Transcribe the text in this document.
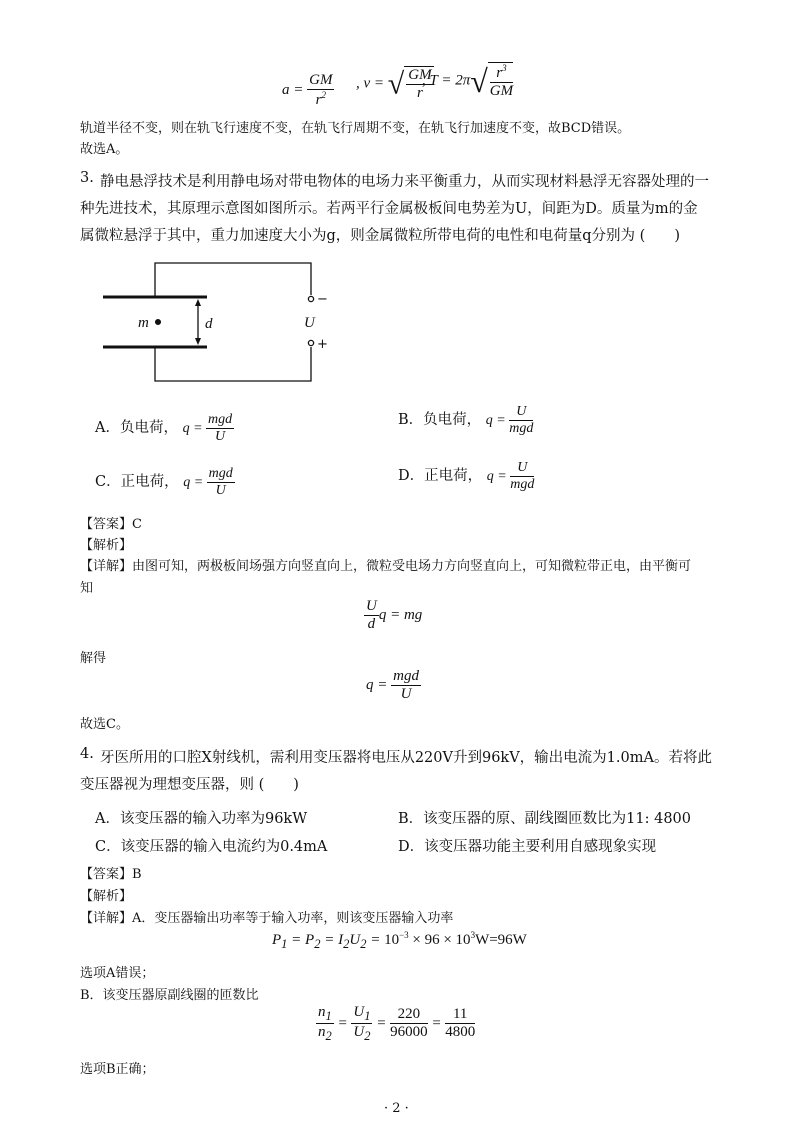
$a = \frac{GM}{r^2}$ , v = √ $\frac{GM}{r}$
, $T = 2\pi√ \frac{r^3}{GM}$
轨道半径不变，则在轨飞行速度不变，在轨飞行周期不变，在轨飞行加速度不变，故BCD错误。
故选A。
3. 静电悬浮技术是利用静电场对带电物体的电场力来平衡重力，从而实现材料悬浮无容器处理的一
种先进技术，其原理示意图如图所示。若两平行金属极板间电势差为U，间距为D。质量为m的金
属微粒悬浮于其中，重力加速度大小为g，则金属微粒所带电荷的电性和电荷量q分别为 (　　)
m	d	U
−
+
A．负电荷， $q = \frac{\text{mgd}}{U}$	B．负电荷， $q = \frac{U}{\text{mgd}}$
C．正电荷， $q = \frac{\text{mgd}}{U}$	D．正电荷， $q = \frac{U}{\text{mgd}}$
【答案】C
【解析】
【详解】由图可知，两极板间场强方向竖直向上，微粒受电场力方向竖直向上，可知微粒带正电，由平衡可
知
$\frac{U}{d}$ q = mg
解得
$q = \frac{\text{mgd}}{U}$
故选C。
4. 牙医所用的口腔X射线机，需利用变压器将电压从220V升到96kV，输出电流为1.0mA。若将此
变压器视为理想变压器，则 (　　)
A．该变压器的输入功率为96kW	B．该变压器的原、副线圈匝数比为11: 4800
C．该变压器的输入电流约为0.4mA	D．该变压器功能主要利用自感现象实现
【答案】B
【解析】
【详解】A．变压器输出功率等于输入功率，则该变压器输入功率
$P_1 = P_2 = I_2U_2 = 10^{-3} \times 96 \times 10^3W=96W$
选项A错误；
B．该变压器原副线圈的匝数比
$\frac{n_1}{n_2} = \frac{U_1}{U_2} = \frac{220}{96000} = \frac{11}{4800}$
选项B正确；
· 2 ·
